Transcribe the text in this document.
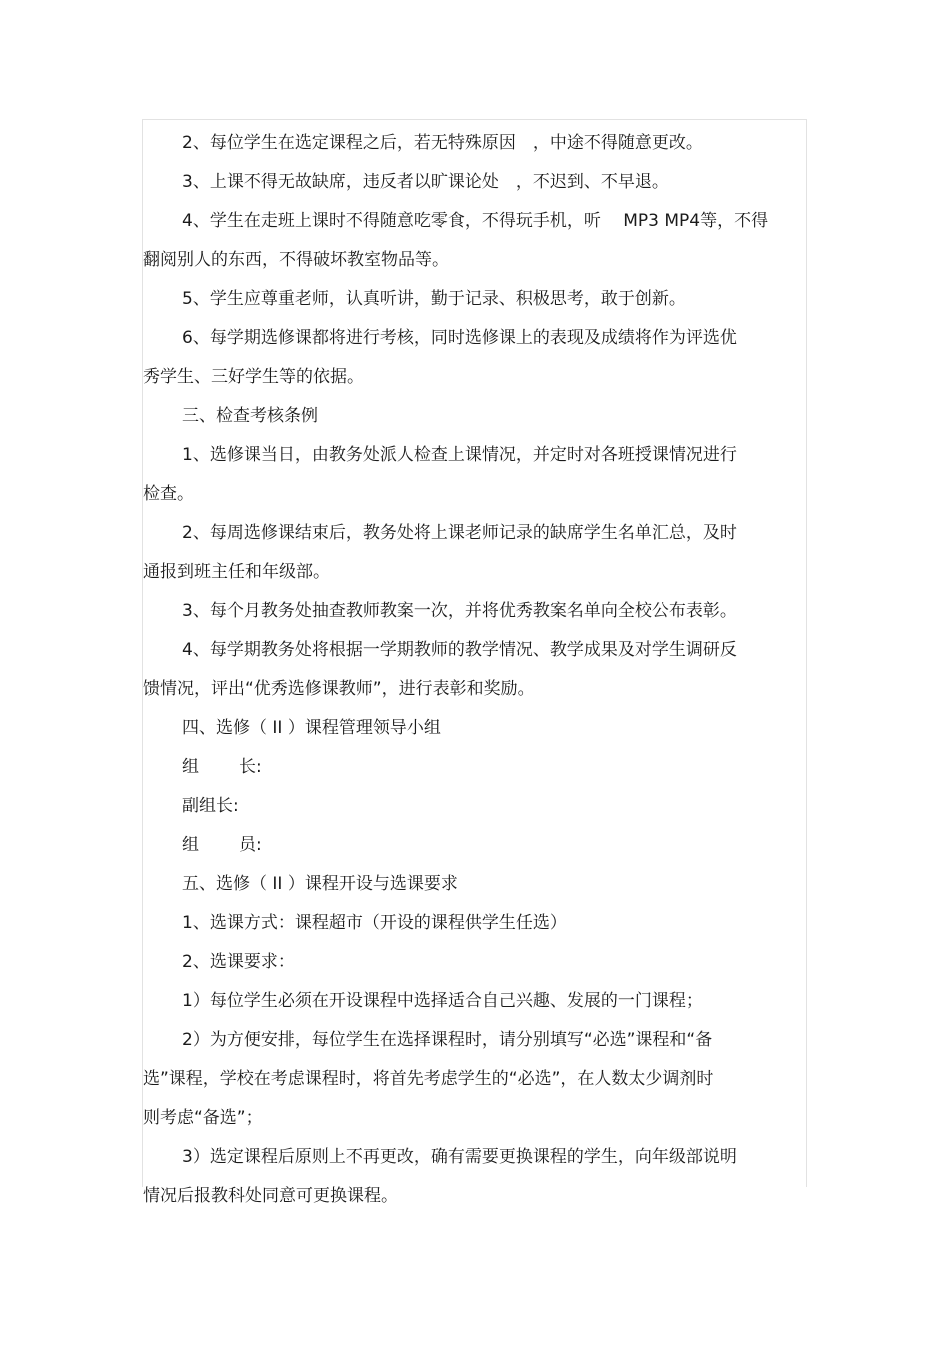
2、每位学生在选定课程之后，若无特殊原因　，中途不得随意更改。
3、上课不得无故缺席，违反者以旷课论处　，不迟到、不早退。
4、学生在走班上课时不得随意吃零食，不得玩手机，听　 MP3 MP4等，不得
翻阅别人的东西，不得破坏教室物品等。
5、学生应尊重老师，认真听讲，勤于记录、积极思考，敢于创新。
6、每学期选修课都将进行考核，同时选修课上的表现及成绩将作为评选优
秀学生、三好学生等的依据。
三、检查考核条例
1、选修课当日，由教务处派人检查上课情况，并定时对各班授课情况进行
检查。
2、每周选修课结束后，教务处将上课老师记录的缺席学生名单汇总，及时
通报到班主任和年级部。
3、每个月教务处抽查教师教案一次，并将优秀教案名单向全校公布表彰。
4、每学期教务处将根据一学期教师的教学情况、教学成果及对学生调研反
馈情况，评出“优秀选修课教师”，进行表彰和奖励。
四、选修（ II ）课程管理领导小组
组 长:
副组长:
组 员:
五、选修（ II ）课程开设与选课要求
1、选课方式：课程超市（开设的课程供学生任选）
2、选课要求：
1）每位学生必须在开设课程中选择适合自己兴趣、发展的一门课程；
2）为方便安排，每位学生在选择课程时，请分别填写“必选”课程和“备
选”课程，学校在考虑课程时，将首先考虑学生的“必选”，在人数太少调剂时
则考虑“备选”；
3）选定课程后原则上不再更改，确有需要更换课程的学生，向年级部说明
情况后报教科处同意可更换课程。
